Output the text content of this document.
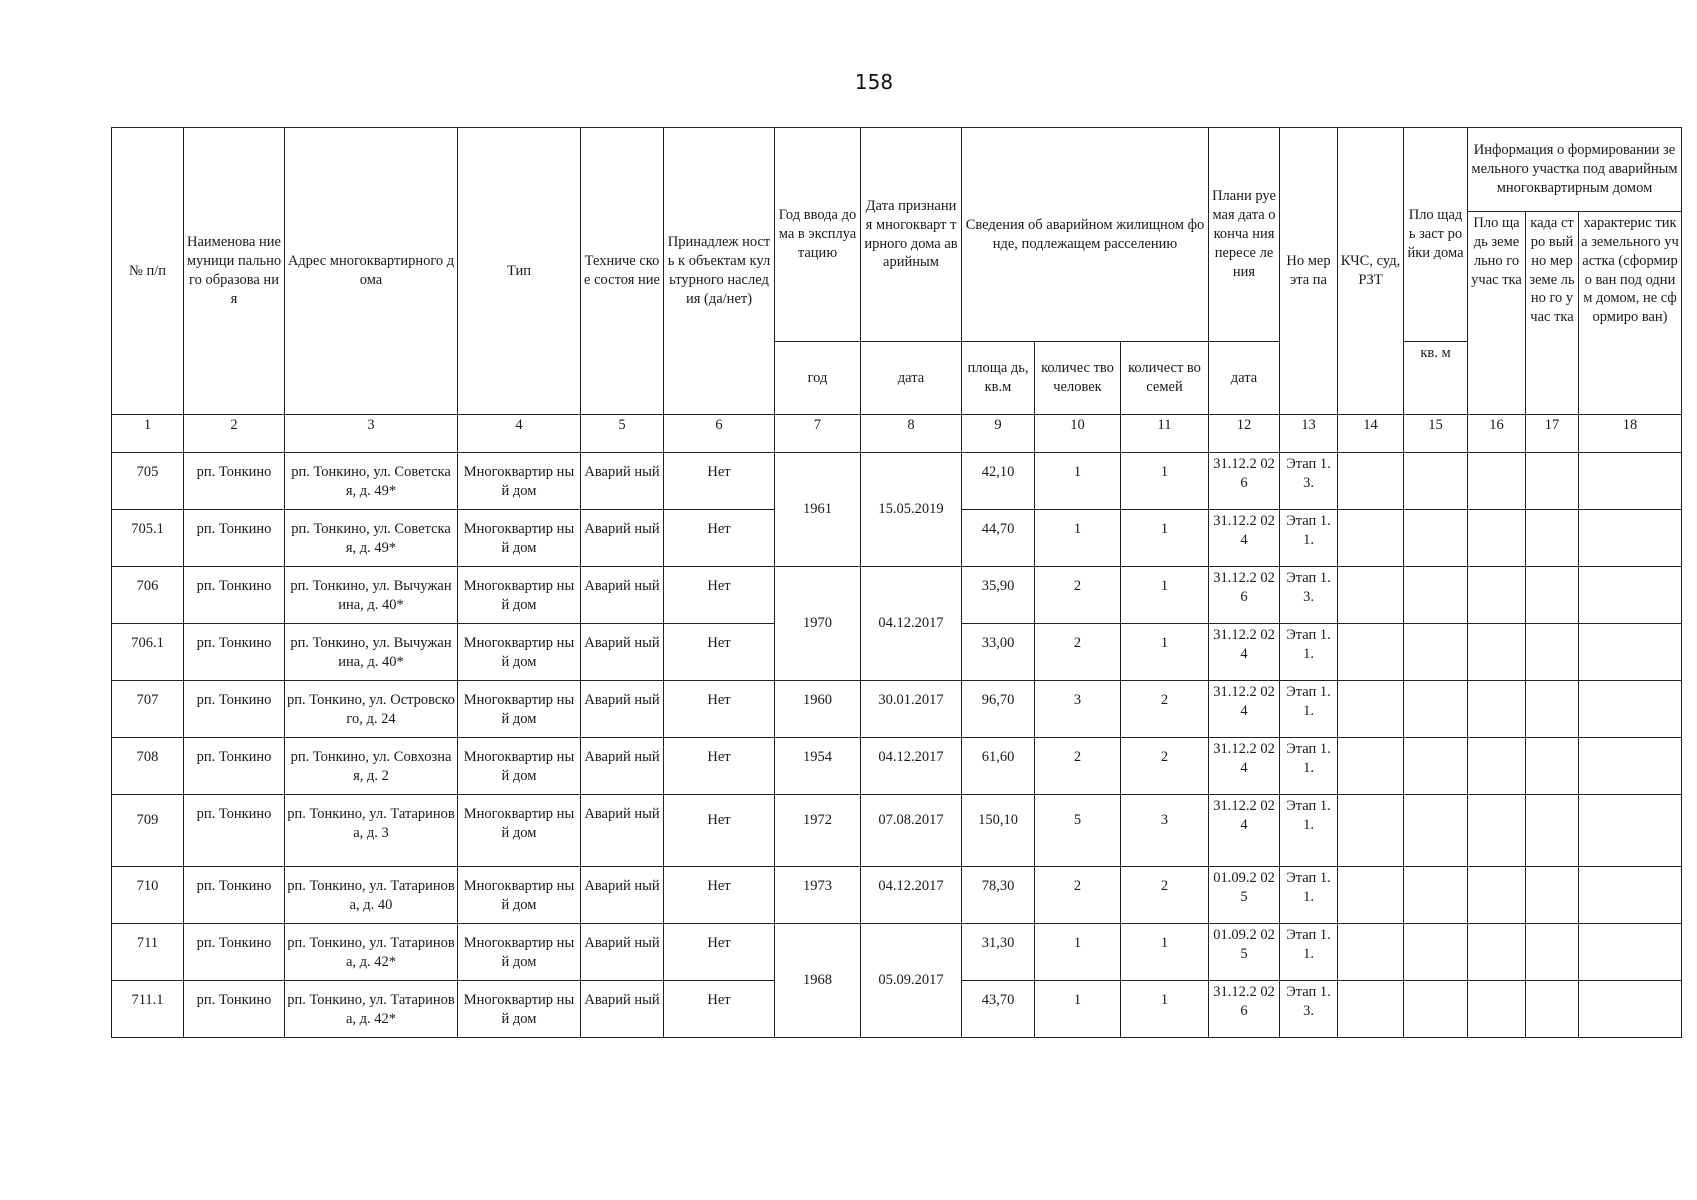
158
№ п/п	Наименова ние муници пального образова ния	Адрес многоквартирного дома	Тип	Техниче ское состоя ние	Принадлеж ность к объектам культурного наследия (да/нет)	Год ввода дома в эксплуа тацию	Дата признания многокварт тирного дома аварийным	Сведения об аварийном жилищном фонде, подлежащем расселению			Плани руемая дата оконча ния пересе ления	Но мер эта па	КЧС, суд, РЗТ	Пло щадь заст ройки дома	Информация о формировании земельного участка под аварийным многоквартирным домом		
															Пло щадь земе льно го учас тка	када стро вый но мер земе льно го учас тка	характерис тика земельного участка (сформиро ван под одним домом, не сформиро ван)
						год	дата	площа дь, кв.м	количес тво человек	количест во семей	дата			кв. м			
1	2	3	4	5	6	7	8	9	10	11	12	13	14	15	16	17	18
705	рп. Тонкино	рп. Тонкино, ул. Советская, д. 49*	Многоквартир ный дом	Аварий ный	Нет	1961	15.05.2019	42,10	1	1	31.12.2 026	Этап 1.3.					
705.1	рп. Тонкино	рп. Тонкино, ул. Советская, д. 49*	Многоквартир ный дом	Аварий ный	Нет			44,70	1	1	31.12.2 024	Этап 1.1.					
706	рп. Тонкино	рп. Тонкино, ул. Вычужанина, д. 40*	Многоквартир ный дом	Аварий ный	Нет	1970	04.12.2017	35,90	2	1	31.12.2 026	Этап 1.3.					
706.1	рп. Тонкино	рп. Тонкино, ул. Вычужанина, д. 40*	Многоквартир ный дом	Аварий ный	Нет			33,00	2	1	31.12.2 024	Этап 1.1.					
707	рп. Тонкино	рп. Тонкино, ул. Островского, д. 24	Многоквартир ный дом	Аварий ный	Нет	1960	30.01.2017	96,70	3	2	31.12.2 024	Этап 1.1.					
708	рп. Тонкино	рп. Тонкино, ул. Совхозная, д. 2	Многоквартир ный дом	Аварий ный	Нет	1954	04.12.2017	61,60	2	2	31.12.2 024	Этап 1.1.					
709	рп. Тонкино	рп. Тонкино, ул. Татаринова, д. 3	Многоквартир ный дом	Аварий ный	Нет	1972	07.08.2017	150,10	5	3	31.12.2 024	Этап 1.1.					
710	рп. Тонкино	рп. Тонкино, ул. Татаринова, д. 40	Многоквартир ный дом	Аварий ный	Нет	1973	04.12.2017	78,30	2	2	01.09.2 025	Этап 1.1.					
711	рп. Тонкино	рп. Тонкино, ул. Татаринова, д. 42*	Многоквартир ный дом	Аварий ный	Нет	1968	05.09.2017	31,30	1	1	01.09.2 025	Этап 1.1.					
711.1	рп. Тонкино	рп. Тонкино, ул. Татаринова, д. 42*	Многоквартир ный дом	Аварий ный	Нет			43,70	1	1	31.12.2 026	Этап 1.3.					
